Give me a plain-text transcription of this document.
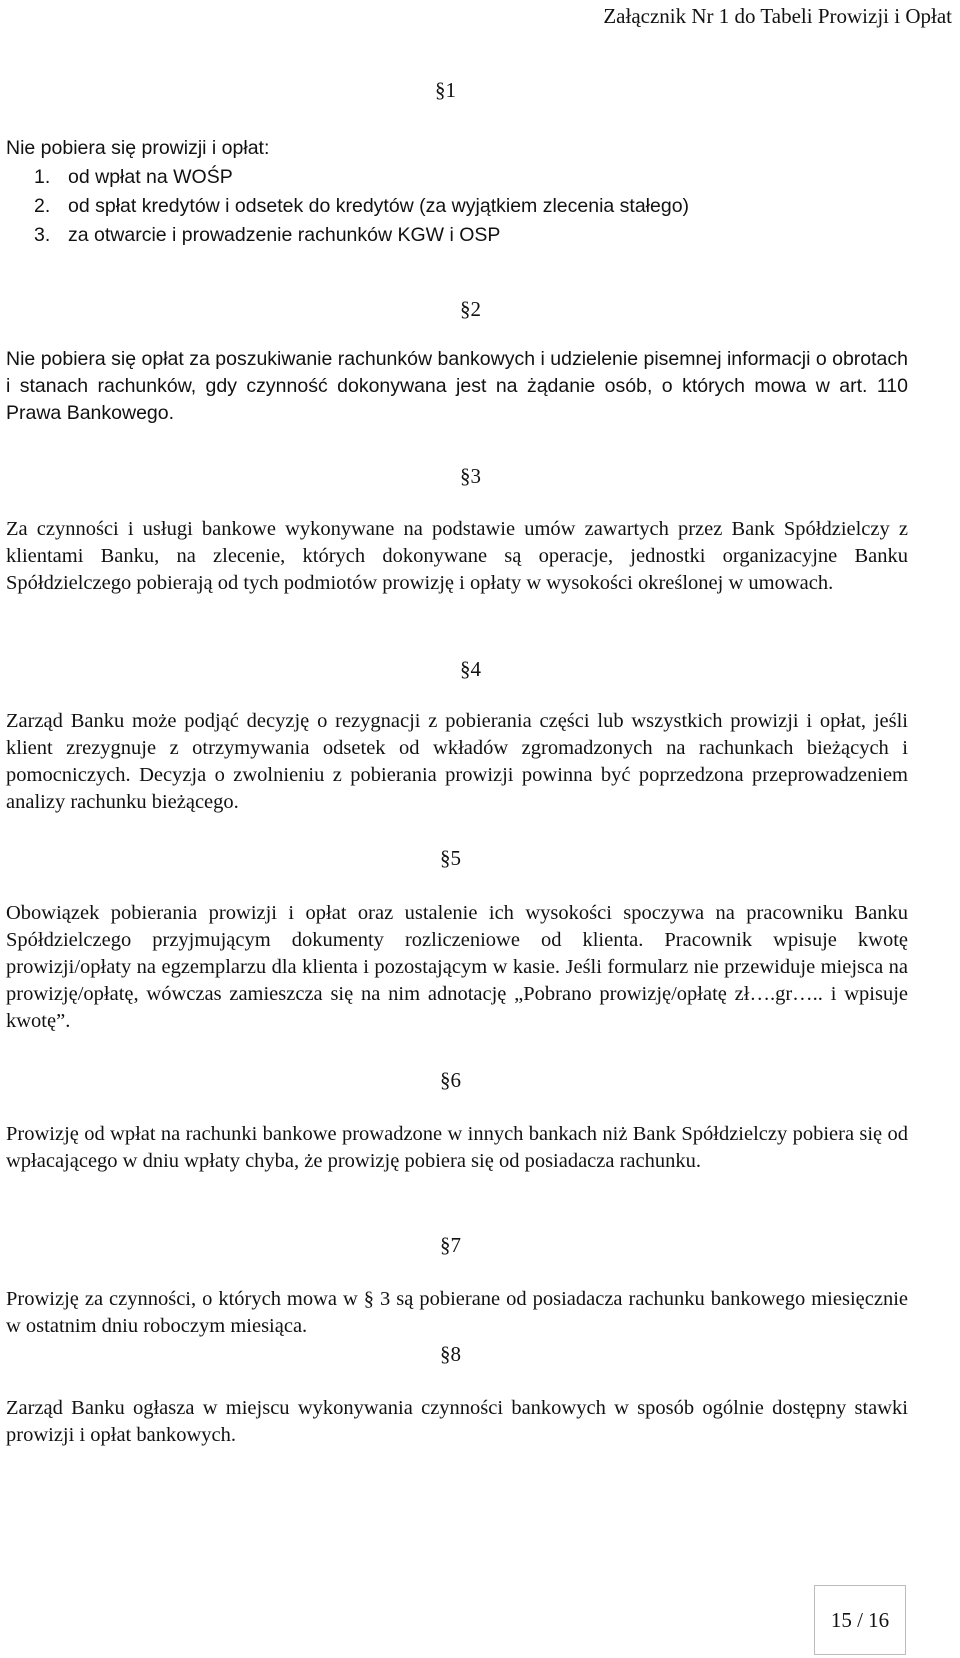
Załącznik Nr 1 do Tabeli Prowizji i Opłat
§1
Nie pobiera się prowizji i opłat:
1. od wpłat na WOŚP
2. od spłat kredytów i odsetek do kredytów (za wyjątkiem zlecenia stałego)
3. za otwarcie i prowadzenie rachunków KGW i OSP
§2

Nie pobiera się opłat za poszukiwanie rachunków bankowych i udzielenie pisemnej informacji o obrotach i stanach rachunków, gdy czynność dokonywana jest na żądanie osób, o których mowa w art. 110 Prawa Bankowego.

§3

Za czynności i usługi bankowe wykonywane na podstawie umów zawartych przez Bank Spółdzielczy z klientami Banku, na zlecenie, których dokonywane są operacje, jednostki organizacyjne Banku Spółdzielczego pobierają od tych podmiotów prowizję i opłaty w wysokości określonej w umowach.

§4

Zarząd Banku może podjąć decyzję o rezygnacji z pobierania części lub wszystkich prowizji i opłat, jeśli klient zrezygnuje z otrzymywania odsetek od wkładów zgromadzonych na rachunkach bieżących i pomocniczych. Decyzja o zwolnieniu z pobierania prowizji powinna być poprzedzona przeprowadzeniem analizy rachunku bieżącego.

§5

Obowiązek pobierania prowizji i opłat oraz ustalenie ich wysokości spoczywa na pracowniku Banku Spółdzielczego przyjmującym dokumenty rozliczeniowe od klienta. Pracownik wpisuje kwotę prowizji/opłaty na egzemplarzu dla klienta i pozostającym w kasie. Jeśli formularz nie przewiduje miejsca na prowizję/opłatę, wówczas zamieszcza się na nim adnotację „Pobrano prowizję/opłatę zł….gr….. i wpisuje kwotę”.

§6

Prowizję od wpłat na rachunki bankowe prowadzone w innych bankach niż Bank Spółdzielczy pobiera się od wpłacającego w dniu wpłaty chyba, że prowizję pobiera się od posiadacza rachunku.

§7

Prowizję za czynności, o których mowa w § 3 są pobierane od posiadacza rachunku bankowego miesięcznie w ostatnim dniu roboczym miesiąca.

§8

Zarząd Banku ogłasza w miejscu wykonywania czynności bankowych w sposób ogólnie dostępny stawki prowizji i opłat bankowych.

15 / 16
